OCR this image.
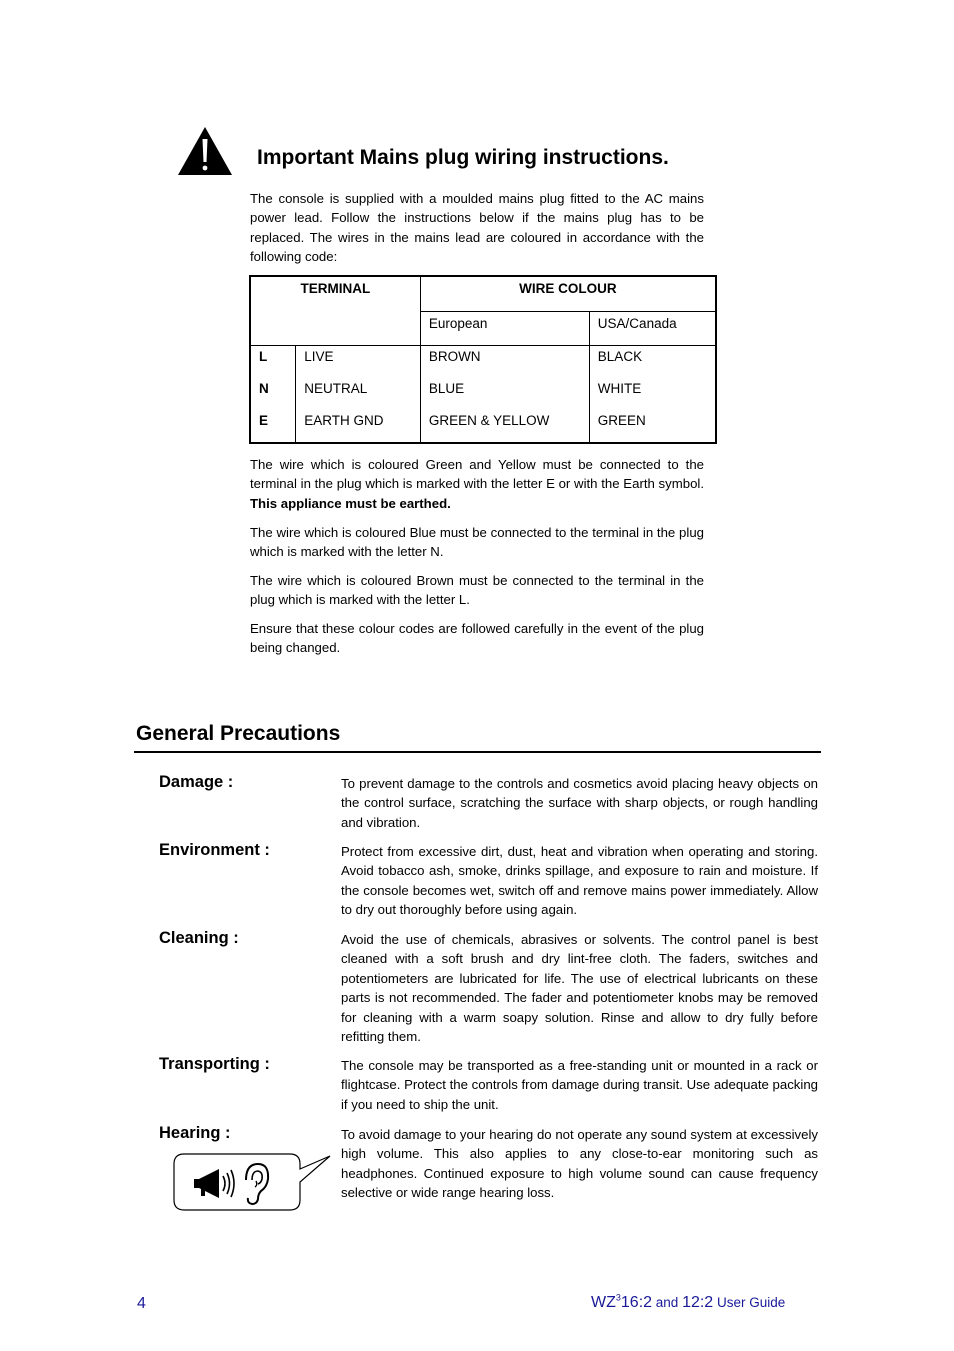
Important Mains plug wiring instructions.

The console is supplied with a moulded mains plug fitted to the AC mains power lead. Follow the instructions below if the mains plug has to be replaced. The wires in the mains lead are coloured in accordance with the following code:

TERMINAL		WIRE COLOUR	
		European	USA/Canada
L	LIVE	BROWN	BLACK
N	NEUTRAL	BLUE	WHITE
E	EARTH GND	GREEN & YELLOW	GREEN

The wire which is coloured Green and Yellow must be connected to the terminal in the plug which is marked with the letter E or with the Earth symbol. This appliance must be earthed.

The wire which is coloured Blue must be connected to the terminal in the plug which is marked with the letter N.

The wire which is coloured Brown must be connected to the terminal in the plug which is marked with the letter L.

Ensure that these colour codes are followed carefully in the event of the plug being changed.

General Precautions
Damage :	To prevent damage to the controls and cosmetics avoid placing heavy objects on the control surface, scratching the surface with sharp objects, or rough handling and vibration.

Environment :	Protect from excessive dirt, dust, heat and vibration when operating and storing. Avoid tobacco ash, smoke, drinks spillage, and exposure to rain and moisture. If the console becomes wet, switch off and remove mains power immediately. Allow to dry out thoroughly before using again.

Cleaning :	Avoid the use of chemicals, abrasives or solvents. The control panel is best cleaned with a soft brush and dry lint-free cloth. The faders, switches and potentiometers are lubricated for life. The use of electrical lubricants on these parts is not recommended. The fader and potentiometer knobs may be removed for cleaning with a warm soapy solution. Rinse and allow to dry fully before refitting them.

Transporting :	The console may be transported as a free-standing unit or mounted in a rack or flightcase. Protect the controls from damage during transit. Use adequate packing if you need to ship the unit.

Hearing :	To avoid damage to your hearing do not operate any sound system at excessively high volume. This also applies to any close-to-ear monitoring such as headphones. Continued exposure to high volume sound can cause frequency selective or wide range hearing loss.

4	$WZ^316:2$ and 12:2 User Guide
